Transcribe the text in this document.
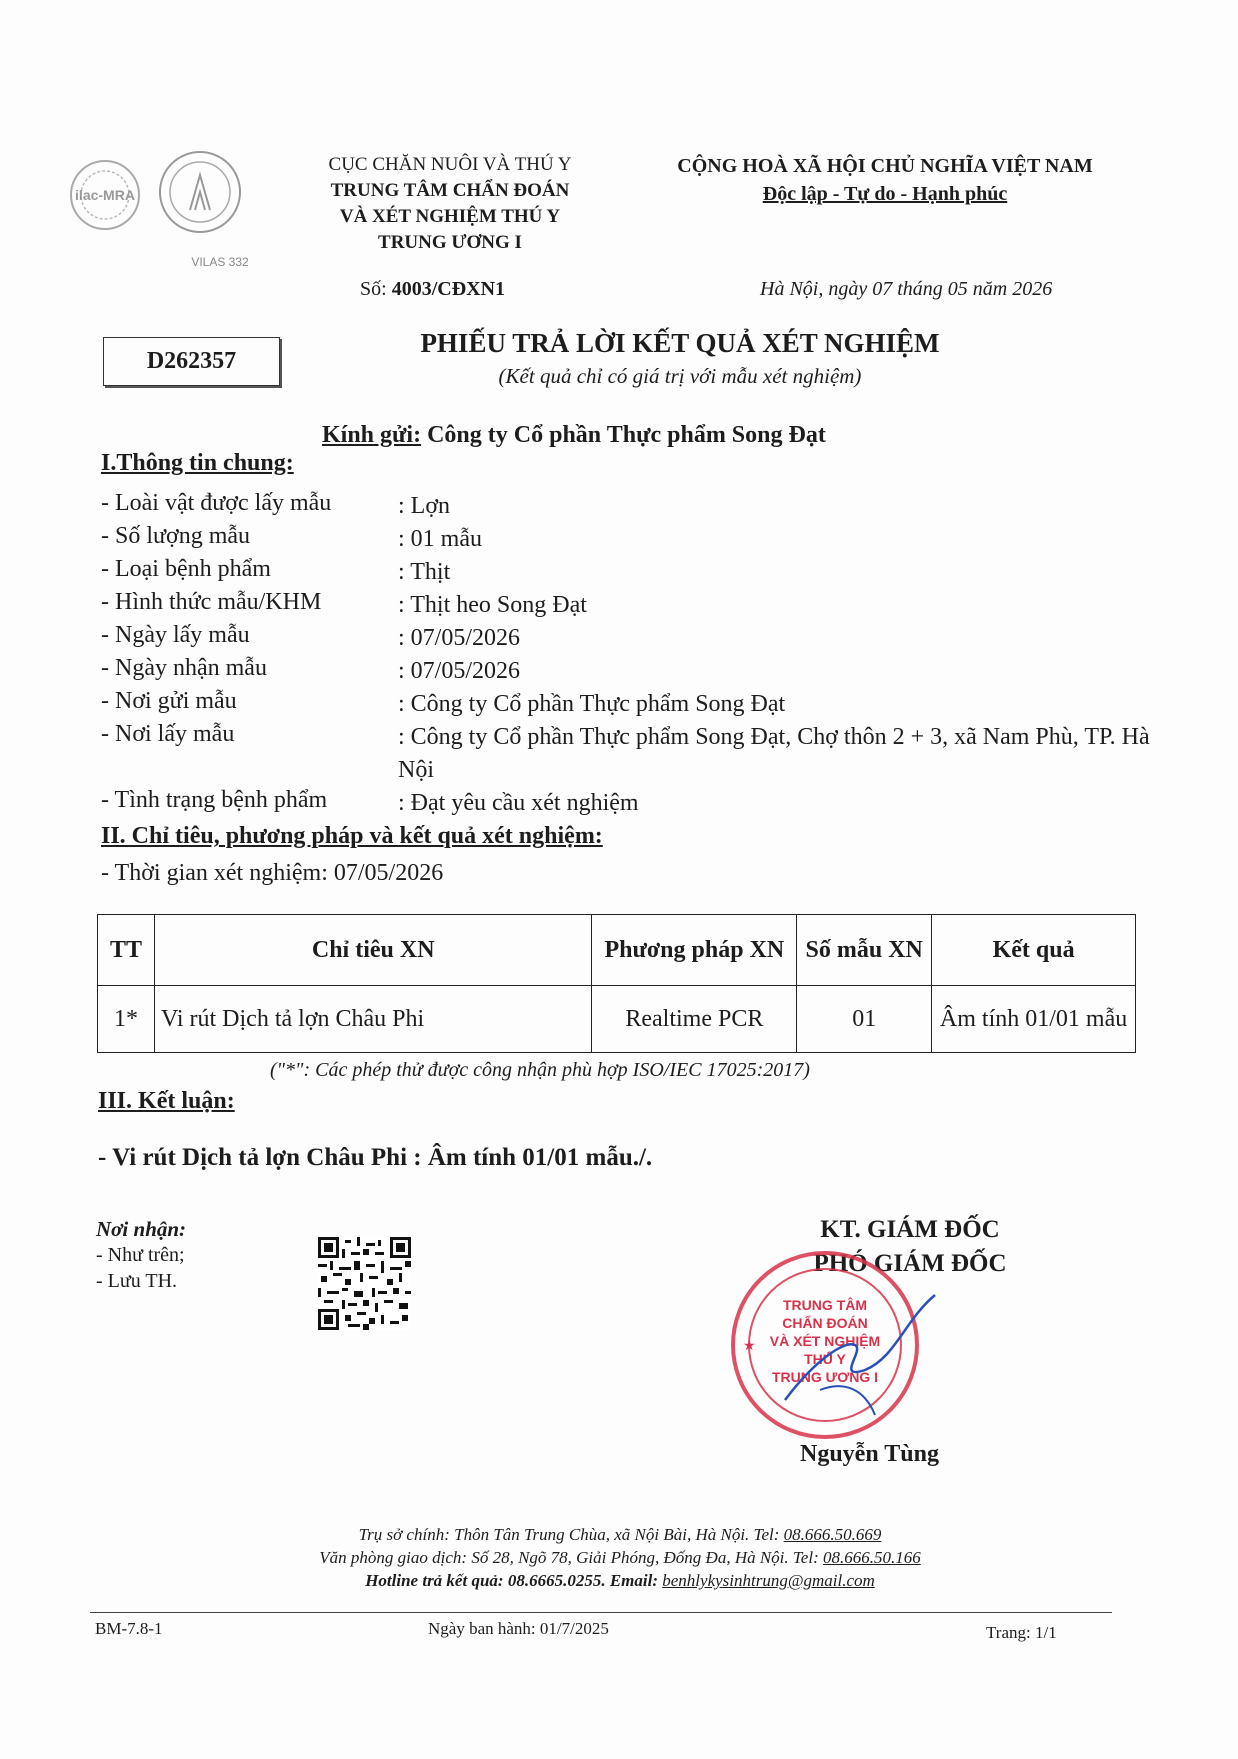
ilac-MRA
VILAS 332
CỤC CHĂN NUÔI VÀ THÚ Y
TRUNG TÂM CHẨN ĐOÁN
VÀ XÉT NGHIỆM THÚ Y
TRUNG ƯƠNG I
CỘNG HOÀ XÃ HỘI CHỦ NGHĨA VIỆT NAM
Độc lập - Tự do - Hạnh phúc
Số: 4003/CĐXN1	Hà Nội, ngày 07 tháng 05 năm 2026
D262357
PHIẾU TRẢ LỜI KẾT QUẢ XÉT NGHIỆM
(Kết quả chỉ có giá trị với mẫu xét nghiệm)
Kính gửi: Công ty Cổ phần Thực phẩm Song Đạt
I.Thông tin chung:
- Loài vật được lấy mẫu	: Lợn
- Số lượng mẫu	: 01 mẫu
- Loại bệnh phẩm	: Thịt
- Hình thức mẫu/KHM	: Thịt heo Song Đạt
- Ngày lấy mẫu	: 07/05/2026
- Ngày nhận mẫu	: 07/05/2026
- Nơi gửi mẫu	: Công ty Cổ phần Thực phẩm Song Đạt
- Nơi lấy mẫu	: Công ty Cổ phần Thực phẩm Song Đạt, Chợ thôn 2 + 3, xã Nam Phù, TP. Hà Nội
- Tình trạng bệnh phẩm	: Đạt yêu cầu xét nghiệm
II. Chỉ tiêu, phương pháp và kết quả xét nghiệm:
- Thời gian xét nghiệm: 07/05/2026
TT	Chỉ tiêu XN	Phương pháp XN	Số mẫu XN	Kết quả
1*	Vi rút Dịch tả lợn Châu Phi	Realtime PCR	01	Âm tính 01/01 mẫu
("*": Các phép thử được công nhận phù hợp ISO/IEC 17025:2017)
III. Kết luận:
- Vi rút Dịch tả lợn Châu Phi : Âm tính 01/01 mẫu./.
Nơi nhận:
- Như trên;
- Lưu TH.
KT. GIÁM ĐỐC
PHÓ GIÁM ĐỐC
TRUNG TÂM
CHẨN ĐOÁN
VÀ XÉT NGHIỆM
THÚ Y
TRUNG ƯƠNG I
★
Nguyễn Tùng
Trụ sở chính: Thôn Tân Trung Chùa, xã Nội Bài, Hà Nội. Tel: 08.666.50.669
Văn phòng giao dịch: Số 28, Ngõ 78, Giải Phóng, Đống Đa, Hà Nội. Tel: 08.666.50.166
Hotline trả kết quả: 08.6665.0255. Email: benhlykysinhtrung@gmail.com
BM-7.8-1	Ngày ban hành: 01/7/2025	Trang: 1/1
